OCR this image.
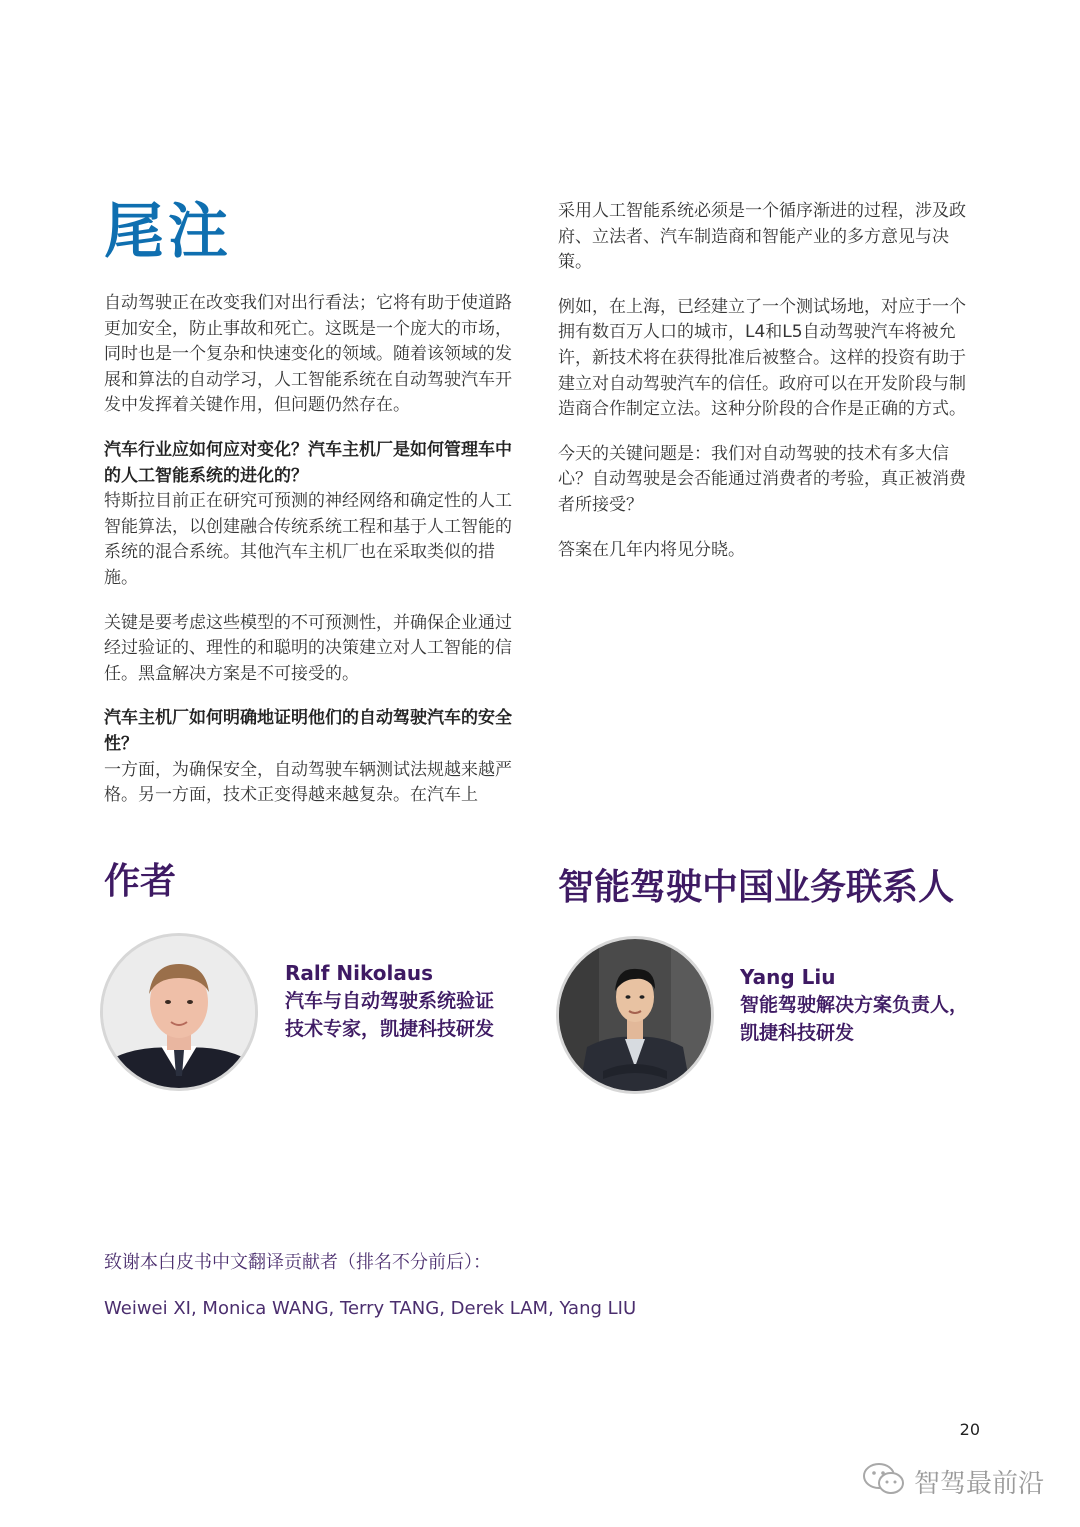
尾注

自动驾驶正在改变我们对出行看法；它将有助于使道路更加安全，防止事故和死亡。这既是一个庞大的市场，同时也是一个复杂和快速变化的领域。随着该领域的发展和算法的自动学习，人工智能系统在自动驾驶汽车开发中发挥着关键作用，但问题仍然存在。

汽车行业应如何应对变化？汽车主机厂是如何管理车中的人工智能系统的进化的？

特斯拉目前正在研究可预测的神经网络和确定性的人工智能算法，以创建融合传统系统工程和基于人工智能的系统的混合系统。其他汽车主机厂也在采取类似的措施。

关键是要考虑这些模型的不可预测性，并确保企业通过经过验证的、理性的和聪明的决策建立对人工智能的信任。黑盒解决方案是不可接受的。

汽车主机厂如何明确地证明他们的自动驾驶汽车的安全性？

一方面，为确保安全，自动驾驶车辆测试法规越来越严格。另一方面，技术正变得越来越复杂。在汽车上

采用人工智能系统必须是一个循序渐进的过程，涉及政府、立法者、汽车制造商和智能产业的多方意见与决策。

例如，在上海，已经建立了一个测试场地，对应于一个拥有数百万人口的城市，L4和L5自动驾驶汽车将被允许，新技术将在获得批准后被整合。这样的投资有助于建立对自动驾驶汽车的信任。政府可以在开发阶段与制造商合作制定立法。这种分阶段的合作是正确的方式。

今天的关键问题是：我们对自动驾驶的技术有多大信心？自动驾驶是会否能通过消费者的考验，真正被消费者所接受？

答案在几年内将见分晓。

作者

Ralf Nikolaus

汽车与自动驾驶系统验证

技术专家，凯捷科技研发

智能驾驶中国业务联系人

Yang Liu

智能驾驶解决方案负责人，

凯捷科技研发

致谢本白皮书中文翻译贡献者（排名不分前后）：
Weiwei XI, Monica WANG, Terry TANG, Derek LAM, Yang LIU
20
智驾最前沿
